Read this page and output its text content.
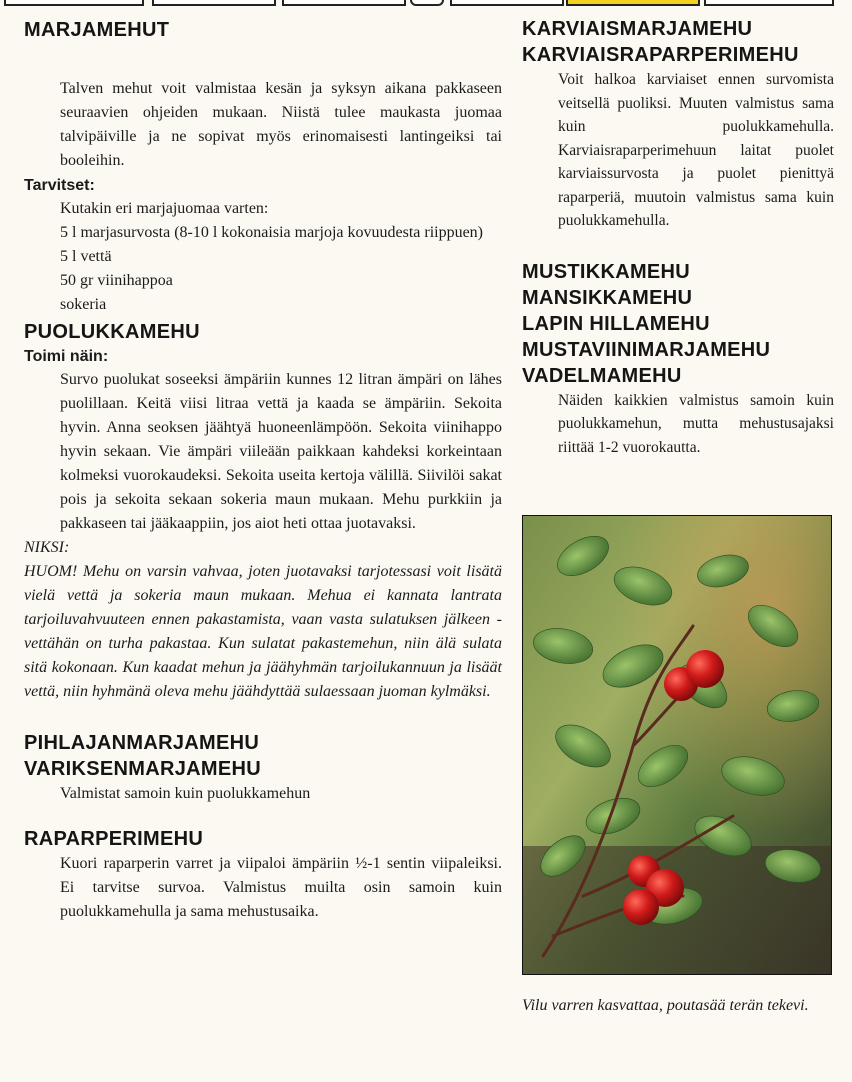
MARJAMEHUT

Talven mehut voit valmistaa kesän ja syksyn aikana pakkaseen seuraavien ohjeiden mukaan. Niistä tulee maukasta juomaa talvipäiville ja ne sopivat myös erinomaisesti lantingeiksi tai booleihin.

Tarvitset:
Kutakin eri marjajuomaa varten:
5 l marjasurvosta (8-10 l kokonaisia marjoja kovuudesta riippuen)
5 l vettä
50 gr viinihappoa
sokeria
PUOLUKKAMEHU
Toimi näin:

Survo puolukat soseeksi ämpäriin kunnes 12 litran ämpäri on lähes puolillaan. Keitä viisi litraa vettä ja kaada se ämpäriin. Sekoita hyvin. Anna seoksen jäähtyä huoneenlämpöön. Sekoita viinihappo hyvin sekaan. Vie ämpäri viileään paikkaan kahdeksi korkeintaan kolmeksi vuorokaudeksi. Sekoita useita kertoja välillä. Siivilöi sakat pois ja sekoita sekaan sokeria maun mukaan. Mehu purkkiin ja pakkaseen tai jääkaappiin, jos aiot heti ottaa juotavaksi.

NIKSI:

HUOM! Mehu on varsin vahvaa, joten juotavaksi tarjotessasi voit lisätä vielä vettä ja sokeria maun mukaan. Mehua ei kannata lantrata tarjoiluvahvuuteen ennen pakastamista, vaan vasta sulatuksen jälkeen - vettähän on turha pakastaa. Kun sulatat pakastemehun, niin älä sulata sitä kokonaan. Kun kaadat mehun ja jäähyhmän tarjoilukannuun ja lisäät vettä, niin hyhmänä oleva mehu jäähdyttää sulaessaan juoman kylmäksi.

PIHLAJANMARJAMEHU
VARIKSENMARJAMEHU

Valmistat samoin kuin puolukkamehun

RAPARPERIMEHU

Kuori raparperin varret ja viipaloi ämpäriin ½-1 sentin viipaleiksi. Ei tarvitse survoa. Valmistus muilta osin samoin kuin puolukkamehulla ja sama mehustusaika.

KARVIAISMARJAMEHU
KARVIAISRAPARPERIMEHU

Voit halkoa karviaiset ennen survomista veitsellä puoliksi. Muuten valmistus sama kuin puolukkamehulla. Karviaisraparperimehuun laitat puolet karviaissurvosta ja puolet pienittyä raparperiä, muutoin valmistus sama kuin puolukkamehulla.

MUSTIKKAMEHU
MANSIKKAMEHU
LAPIN HILLAMEHU
MUSTAVIINIMARJAMEHU
VADELMAMEHU

Näiden kaikkien valmistus samoin kuin puolukkamehun, mutta mehustusajaksi riittää 1-2 vuorokautta.

Vilu varren kasvattaa, poutasää terän tekevi.
